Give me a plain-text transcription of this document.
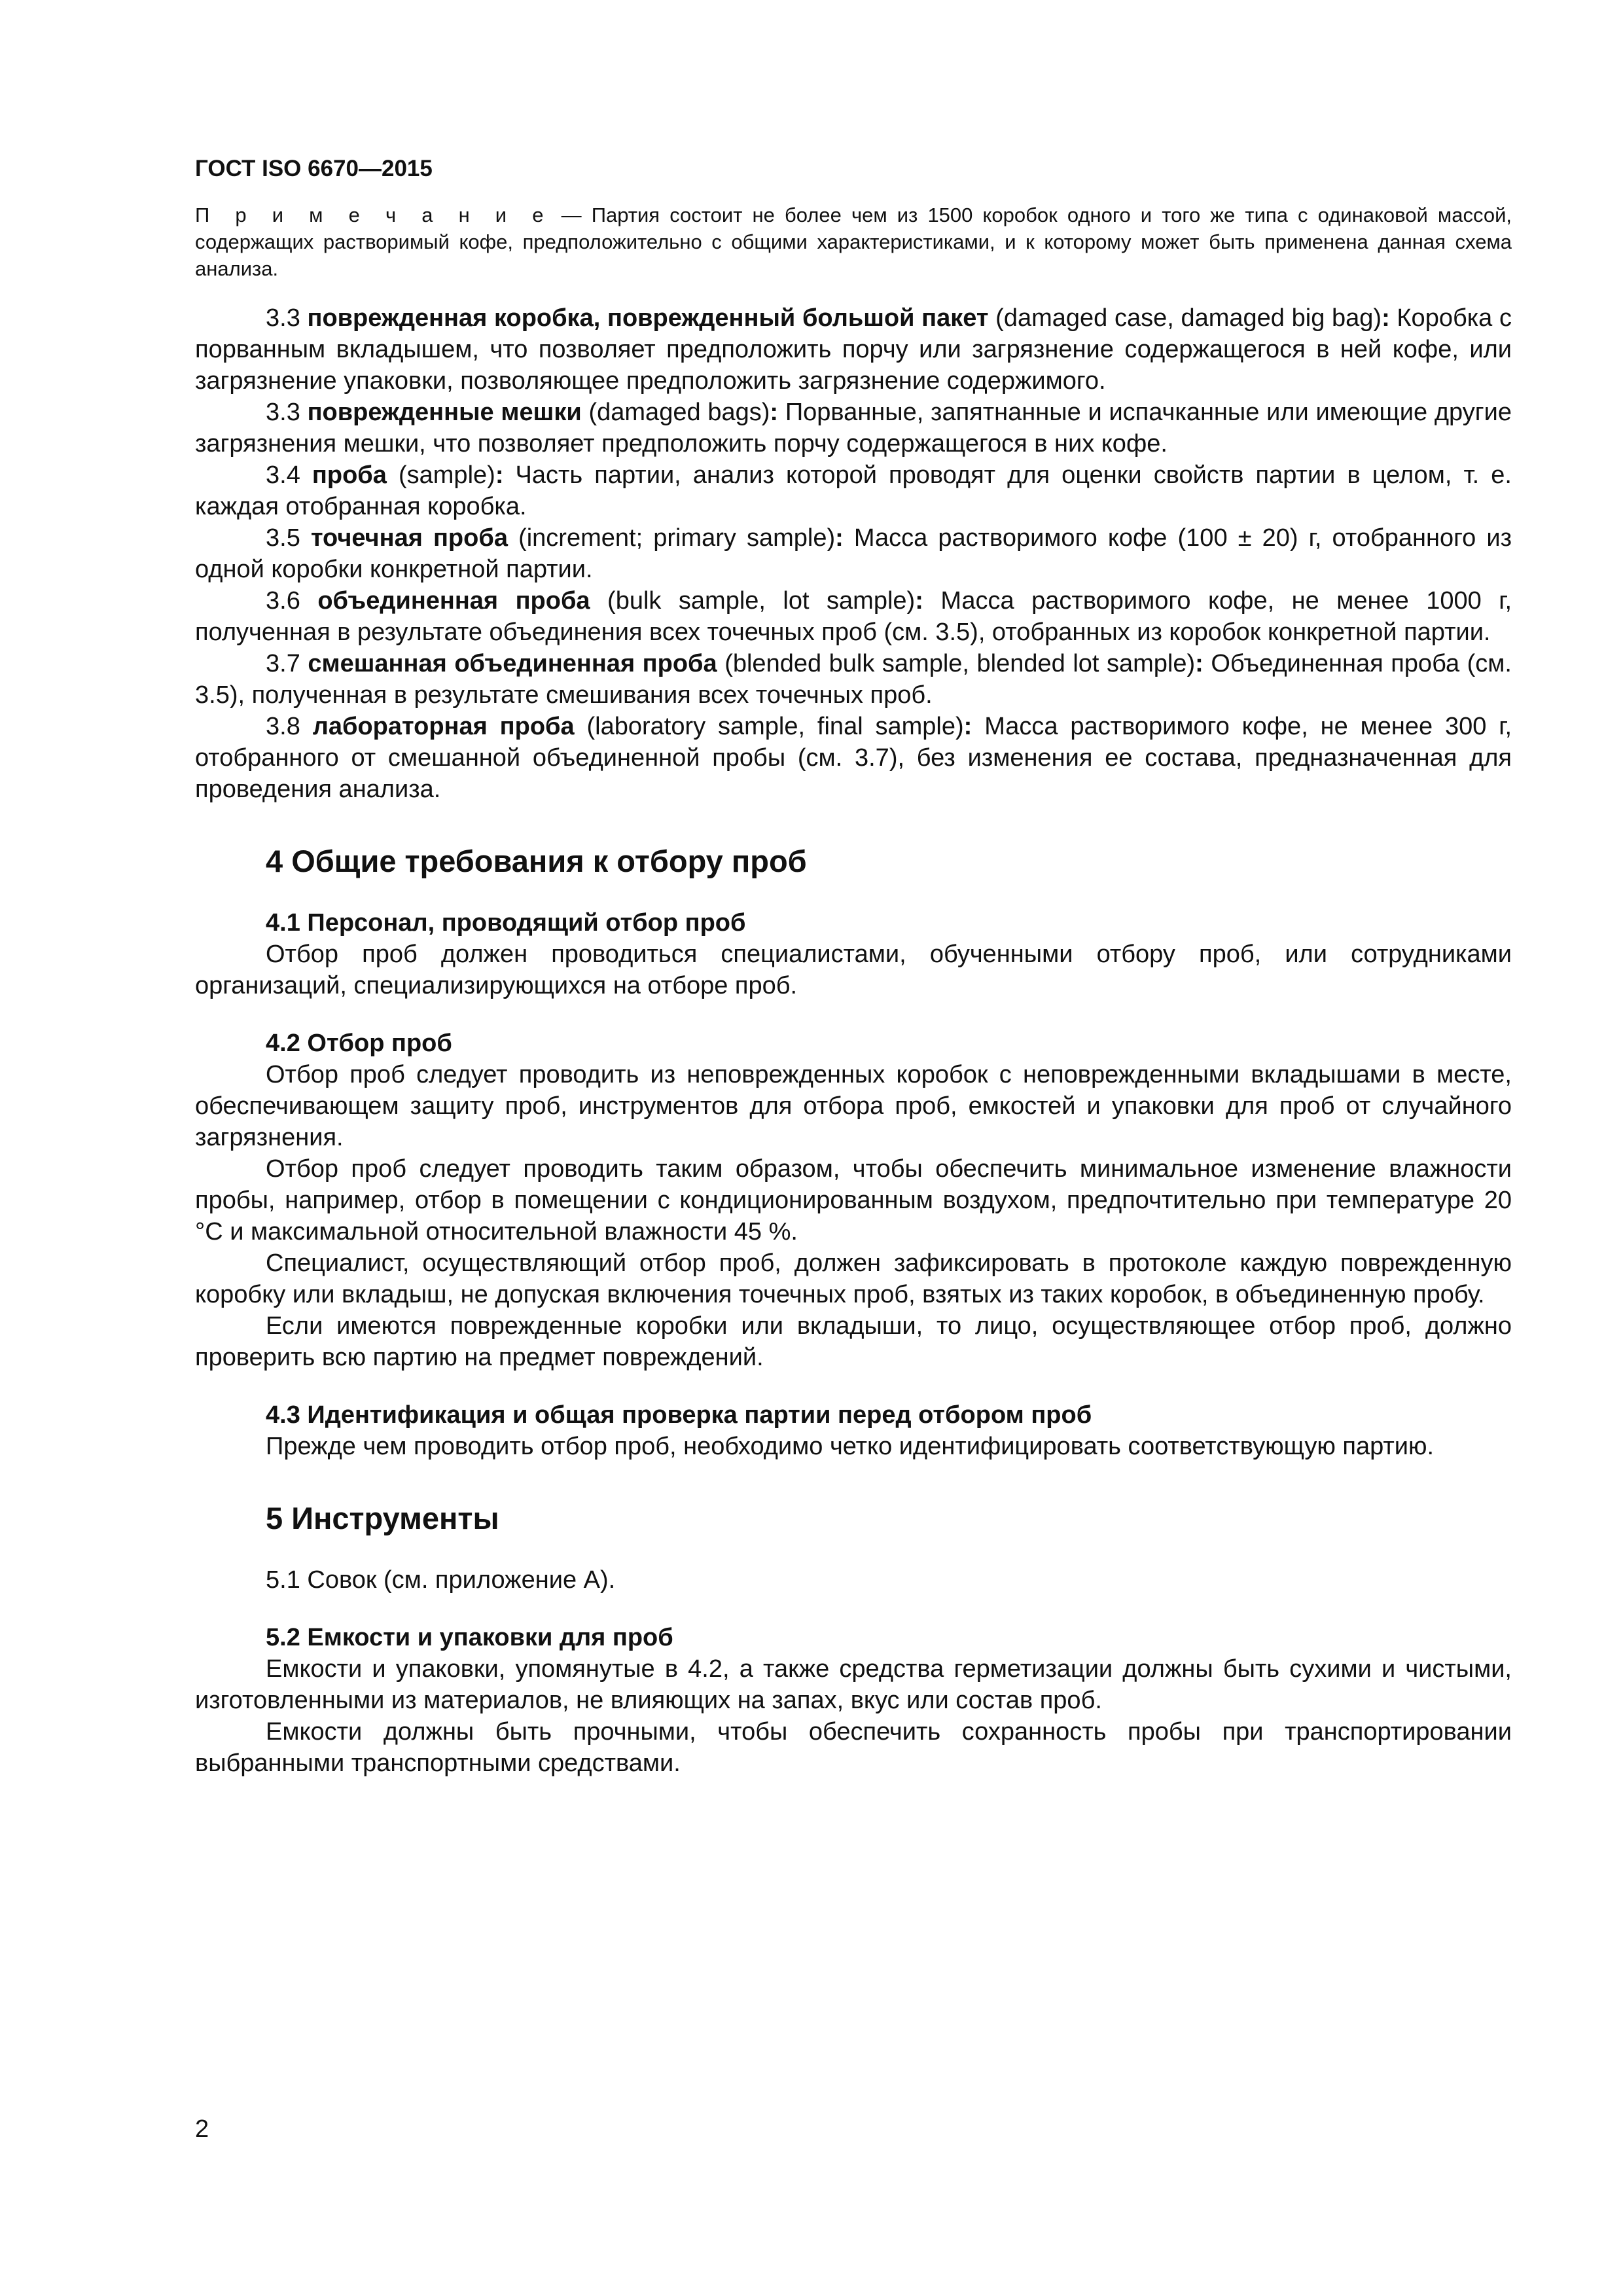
ГОСТ ISO 6670—2015
П р и м е ч а н и е — Партия состоит не более чем из 1500 коробок одного и того же типа с одинаковой массой, содержащих растворимый кофе, предположительно с общими характеристиками, и к которому может быть применена данная схема анализа.

3.3 поврежденная коробка, поврежденный большой пакет (damaged case, damaged big bag): Коробка с порванным вкладышем, что позволяет предположить порчу или загрязнение содержащегося в ней кофе, или загрязнение упаковки, позволяющее предположить загрязнение содержимого.

3.3 поврежденные мешки (damaged bags): Порванные, запятнанные и испачканные или имеющие другие загрязнения мешки, что позволяет предположить порчу содержащегося в них кофе.

3.4 проба (sample): Часть партии, анализ которой проводят для оценки свойств партии в целом, т. е. каждая отобранная коробка.

3.5 точечная проба (increment; primary sample): Масса растворимого кофе (100 ± 20) г, отобранного из одной коробки конкретной партии.

3.6 объединенная проба (bulk sample, lot sample): Масса растворимого кофе, не менее 1000 г, полученная в результате объединения всех точечных проб (см. 3.5), отобранных из коробок конкретной партии.

3.7 смешанная объединенная проба (blended bulk sample, blended lot sample): Объединенная проба (см. 3.5), полученная в результате смешивания всех точечных проб.

3.8 лабораторная проба (laboratory sample, final sample): Масса растворимого кофе, не менее 300 г, отобранного от смешанной объединенной пробы (см. 3.7), без изменения ее состава, предназначенная для проведения анализа.

4 Общие требования к отбору проб

4.1 Персонал, проводящий отбор проб

Отбор проб должен проводиться специалистами, обученными отбору проб, или сотрудниками организаций, специализирующихся на отборе проб.

4.2 Отбор проб

Отбор проб следует проводить из неповрежденных коробок с неповрежденными вкладышами в месте, обеспечивающем защиту проб, инструментов для отбора проб, емкостей и упаковки для проб от случайного загрязнения.

Отбор проб следует проводить таким образом, чтобы обеспечить минимальное изменение влажности пробы, например, отбор в помещении с кондиционированным воздухом, предпочтительно при температуре 20 °С и максимальной относительной влажности 45 %.

Специалист, осуществляющий отбор проб, должен зафиксировать в протоколе каждую поврежденную коробку или вкладыш, не допуская включения точечных проб, взятых из таких коробок, в объединенную пробу.

Если имеются поврежденные коробки или вкладыши, то лицо, осуществляющее отбор проб, должно проверить всю партию на предмет повреждений.

4.3 Идентификация и общая проверка партии перед отбором проб

Прежде чем проводить отбор проб, необходимо четко идентифицировать соответствующую партию.

5 Инструменты

5.1 Совок (см. приложение А).

5.2 Емкости и упаковки для проб

Емкости и упаковки, упомянутые в 4.2, а также средства герметизации должны быть сухими и чистыми, изготовленными из материалов, не влияющих на запах, вкус или состав проб.

Емкости должны быть прочными, чтобы обеспечить сохранность пробы при транспортировании выбранными транспортными средствами.

2
